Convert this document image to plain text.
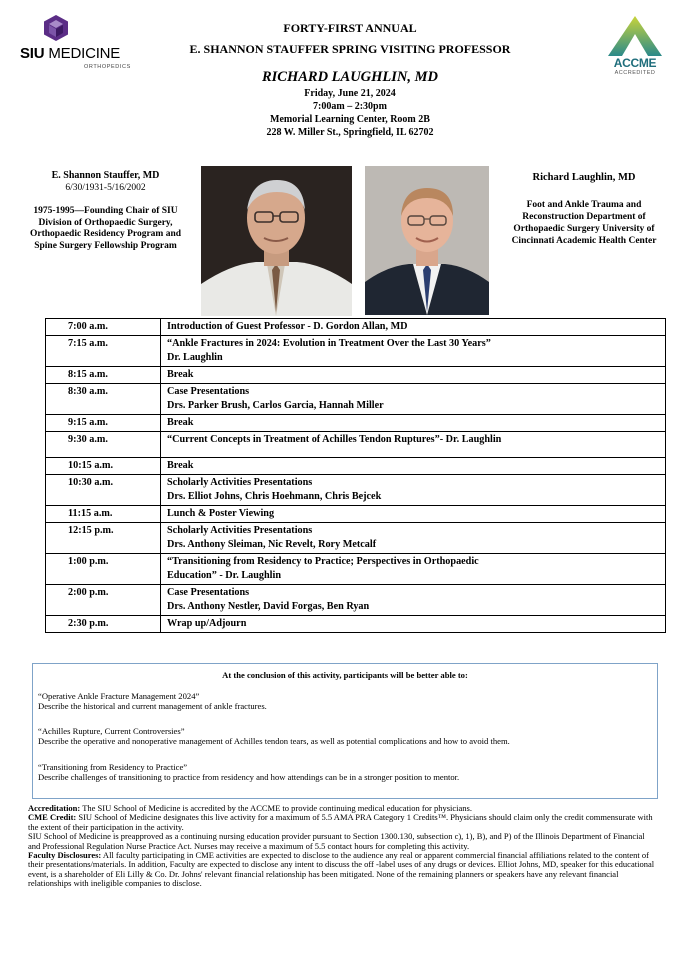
SIU MEDICINE
ORTHOPEDICS	ACCME
ACCREDITED
FORTY-FIRST ANNUAL
E. SHANNON STAUFFER SPRING VISITING PROFESSOR
RICHARD LAUGHLIN, MD
Friday, June 21, 2024
7:00am – 2:30pm
Memorial Learning Center, Room 2B
228 W. Miller St., Springfield, IL 62702
E. Shannon Stauffer, MD
6/30/1931-5/16/2002
1975-1995—Founding Chair of SIU Division of Orthopaedic Surgery, Orthopaedic Residency Program and Spine Surgery Fellowship Program
Richard Laughlin, MD
Foot and Ankle Trauma and Reconstruction Department of Orthopaedic Surgery University of Cincinnati Academic Health Center
7:00 a.m.	Introduction of Guest Professor - D. Gordon Allan, MD

7:15 a.m.	“Ankle Fractures in 2024: Evolution in Treatment Over the Last 30 Years”
Dr. Laughlin

8:15 a.m.	Break

8:30 a.m.	Case Presentations
Drs. Parker Brush, Carlos Garcia, Hannah Miller

9:15 a.m.	Break

9:30 a.m.	“Current Concepts in Treatment of Achilles Tendon Ruptures”- Dr. Laughlin

10:15 a.m.	Break

10:30 a.m.	Scholarly Activities Presentations
Drs. Elliot Johns, Chris Hoehmann, Chris Bejcek

11:15 a.m.	Lunch & Poster Viewing

12:15 p.m.	Scholarly Activities Presentations
Drs. Anthony Sleiman, Nic Revelt, Rory Metcalf

1:00 p.m.	“Transitioning from Residency to Practice; Perspectives in Orthopaedic
Education” - Dr. Laughlin

2:00 p.m.	Case Presentations
Drs. Anthony Nestler, David Forgas, Ben Ryan

2:30 p.m.	Wrap up/Adjourn
At the conclusion of this activity, participants will be better able to:
“Operative Ankle Fracture Management 2024”
Describe the historical and current management of ankle fractures.
“Achilles Rupture, Current Controversies”
Describe the operative and nonoperative management of Achilles tendon tears, as well as potential complications and how to avoid them.
“Transitioning from Residency to Practice”
Describe challenges of transitioning to practice from residency and how attendings can be in a stronger position to mentor.

Accreditation: The SIU School of Medicine is accredited by the ACCME to provide continuing medical education for physicians.

CME Credit: SIU School of Medicine designates this live activity for a maximum of 5.5 AMA PRA Category 1 Credits™. Physicians should claim only the credit commensurate with the extent of their participation in the activity.

SIU School of Medicine is preapproved as a continuing nursing education provider pursuant to Section 1300.130, subsection c), 1), B), and P) of the Illinois Department of Financial and Professional Regulation Nurse Practice Act. Nurses may receive a maximum of 5.5 contact hours for completing this activity.

Faculty Disclosures: All faculty participating in CME activities are expected to disclose to the audience any real or apparent commercial financial affiliations related to the content of their presentations/materials. In addition, Faculty are expected to disclose any intent to discuss the off -label uses of any drugs or devices. Elliot Johns, MD, speaker for this educational event, is a shareholder of Eli Lilly & Co. Dr. Johns' relevant financial relationship has been mitigated. None of the remaining planners or speakers have any relevant financial relationships with ineligible companies to disclose.
